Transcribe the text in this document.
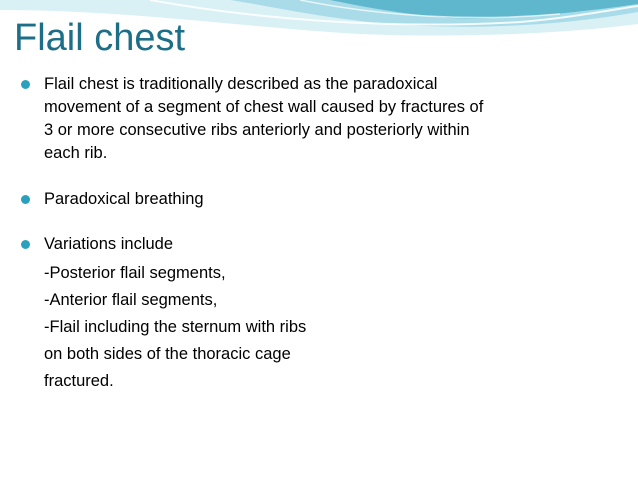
Flail chest
Flail chest is traditionally described as the paradoxical
movement of a segment of chest wall caused by fractures of
3 or more consecutive ribs anteriorly and posteriorly within
each rib.
Paradoxical breathing
Variations include
-Posterior flail segments,
-Anterior flail segments,
-Flail including the sternum with ribs
on both sides of the thoracic cage
fractured.
